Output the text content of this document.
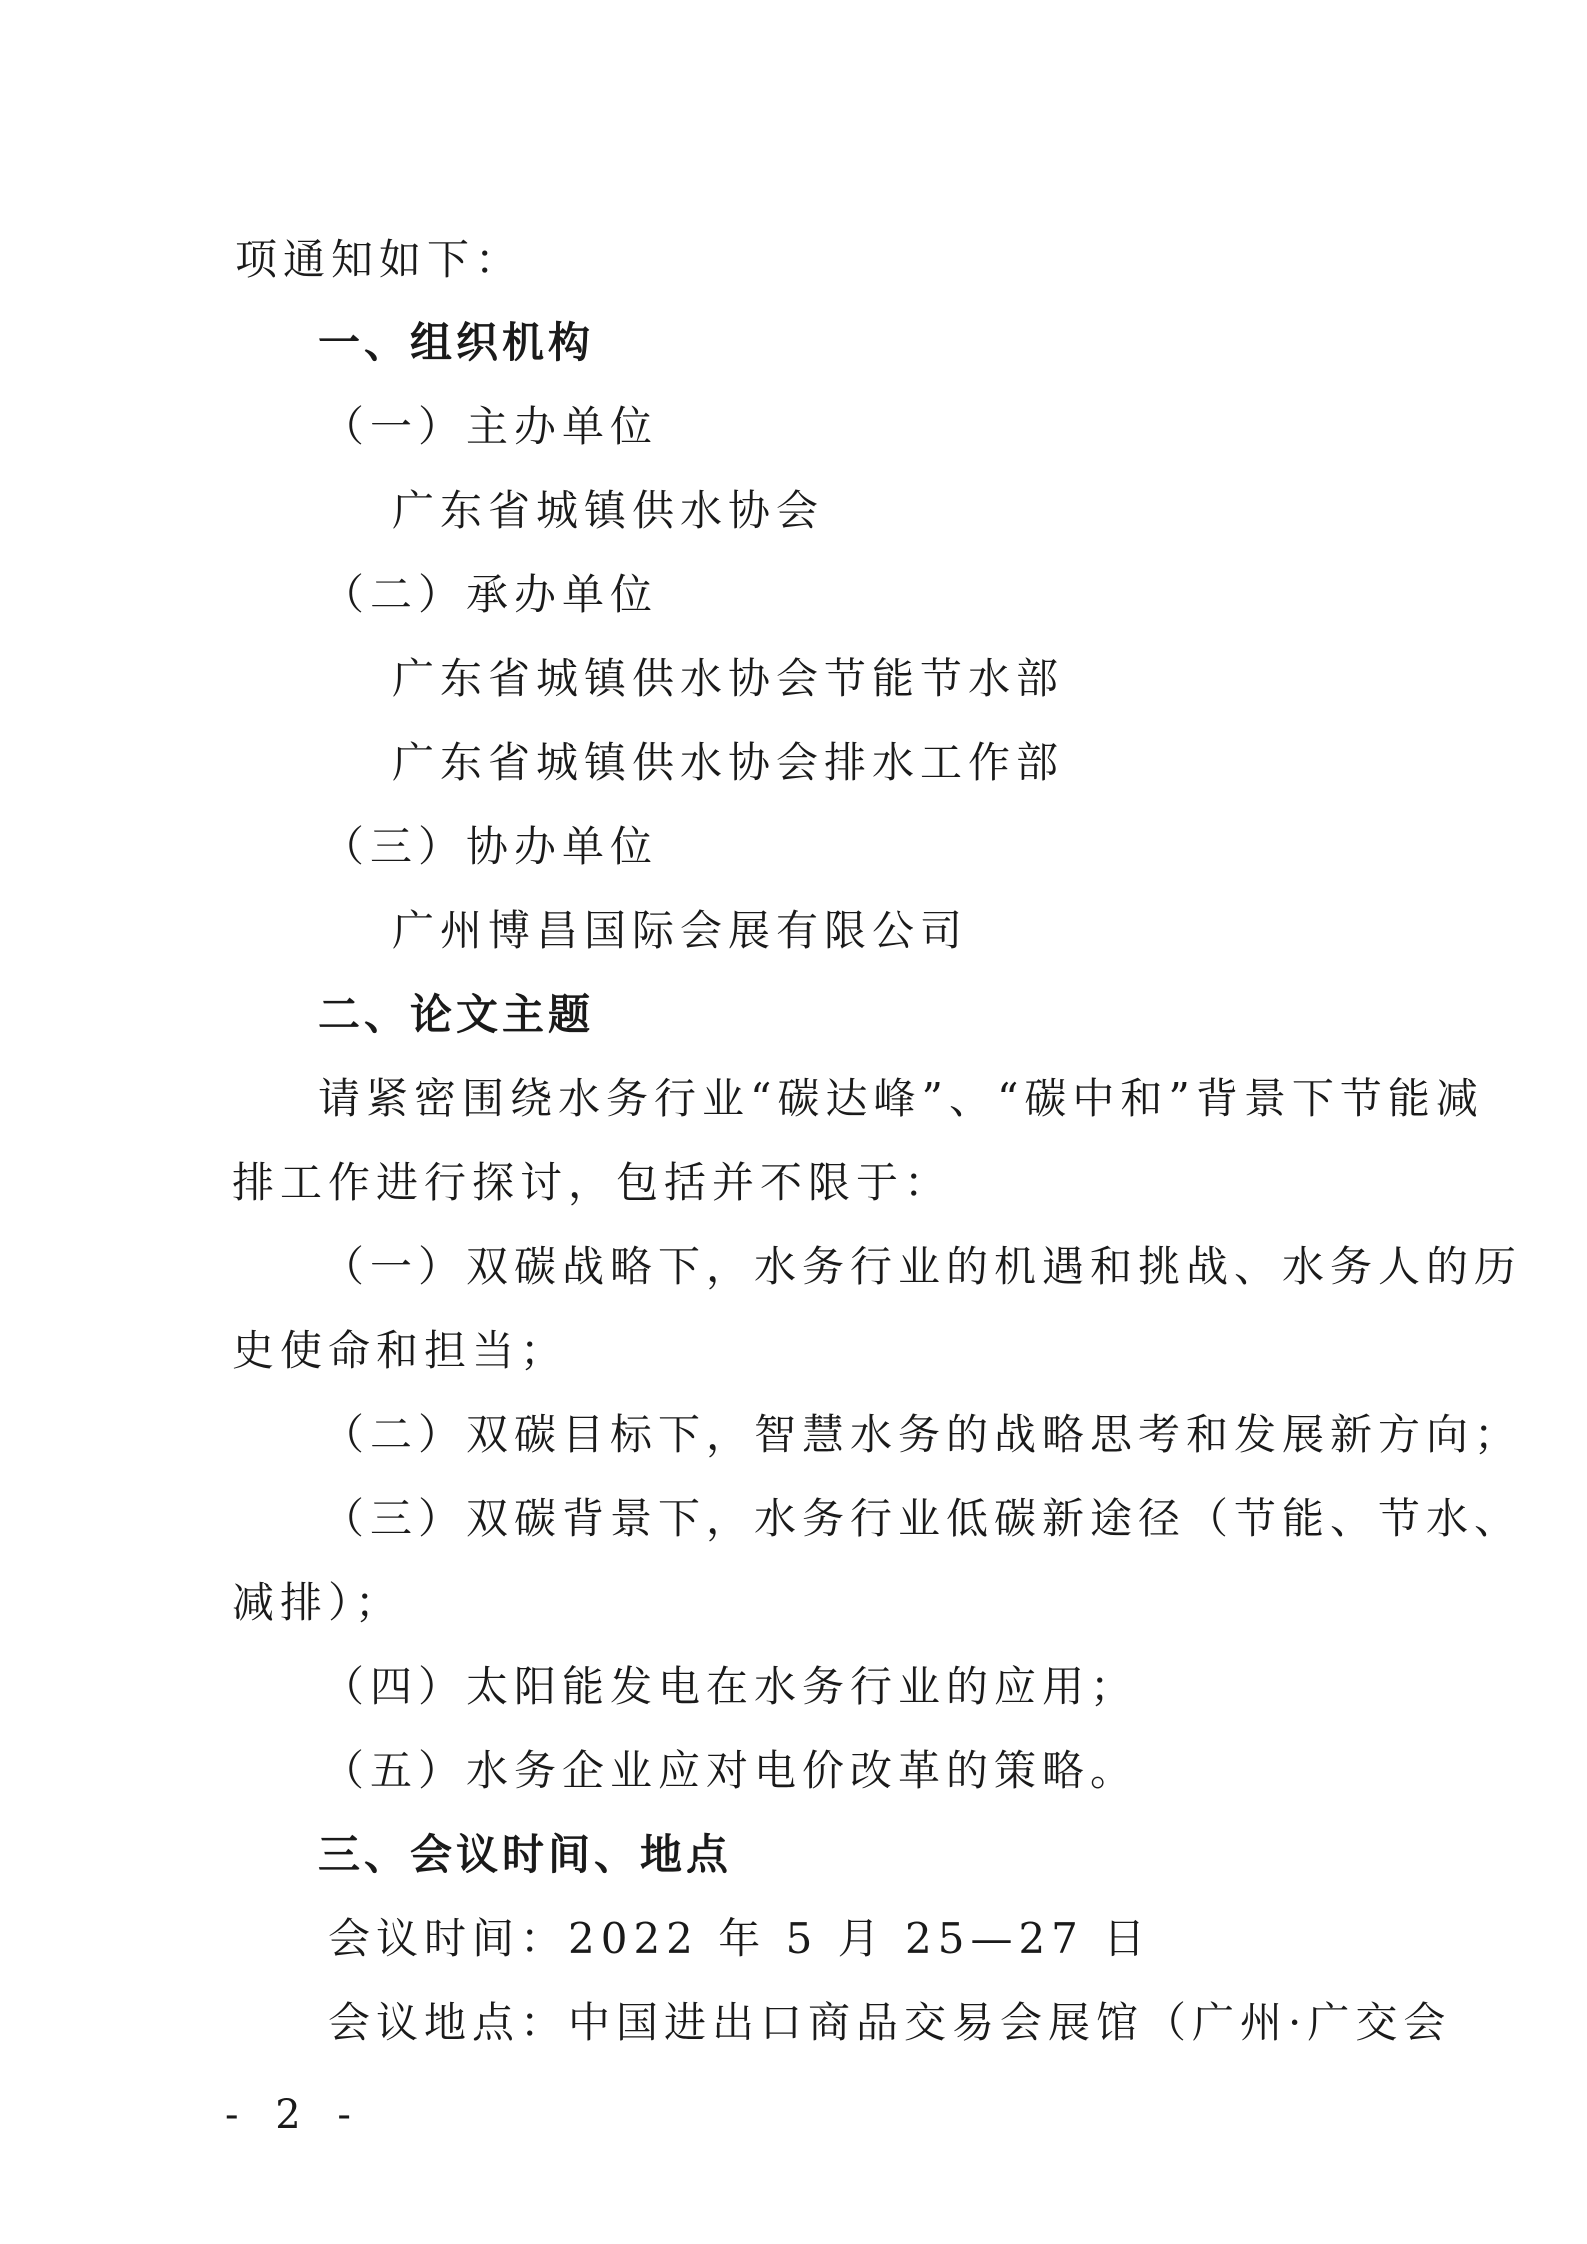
项通知如下：
一、组织机构
（一）主办单位
广东省城镇供水协会
（二）承办单位
广东省城镇供水协会节能节水部
广东省城镇供水协会排水工作部
（三）协办单位
广州博昌国际会展有限公司
二、论文主题
请紧密围绕水务行业“碳达峰”、“碳中和”背景下节能减
排工作进行探讨，包括并不限于：
（一）双碳战略下，水务行业的机遇和挑战、水务人的历
史使命和担当；
（二）双碳目标下，智慧水务的战略思考和发展新方向；
（三）双碳背景下，水务行业低碳新途径（节能、节水、
减排）；
（四）太阳能发电在水务行业的应用；
（五）水务企业应对电价改革的策略。
三、会议时间、地点
会议时间：2022 年 5 月 25—27 日
会议地点：中国进出口商品交易会展馆（广州·广交会
- 2 -
